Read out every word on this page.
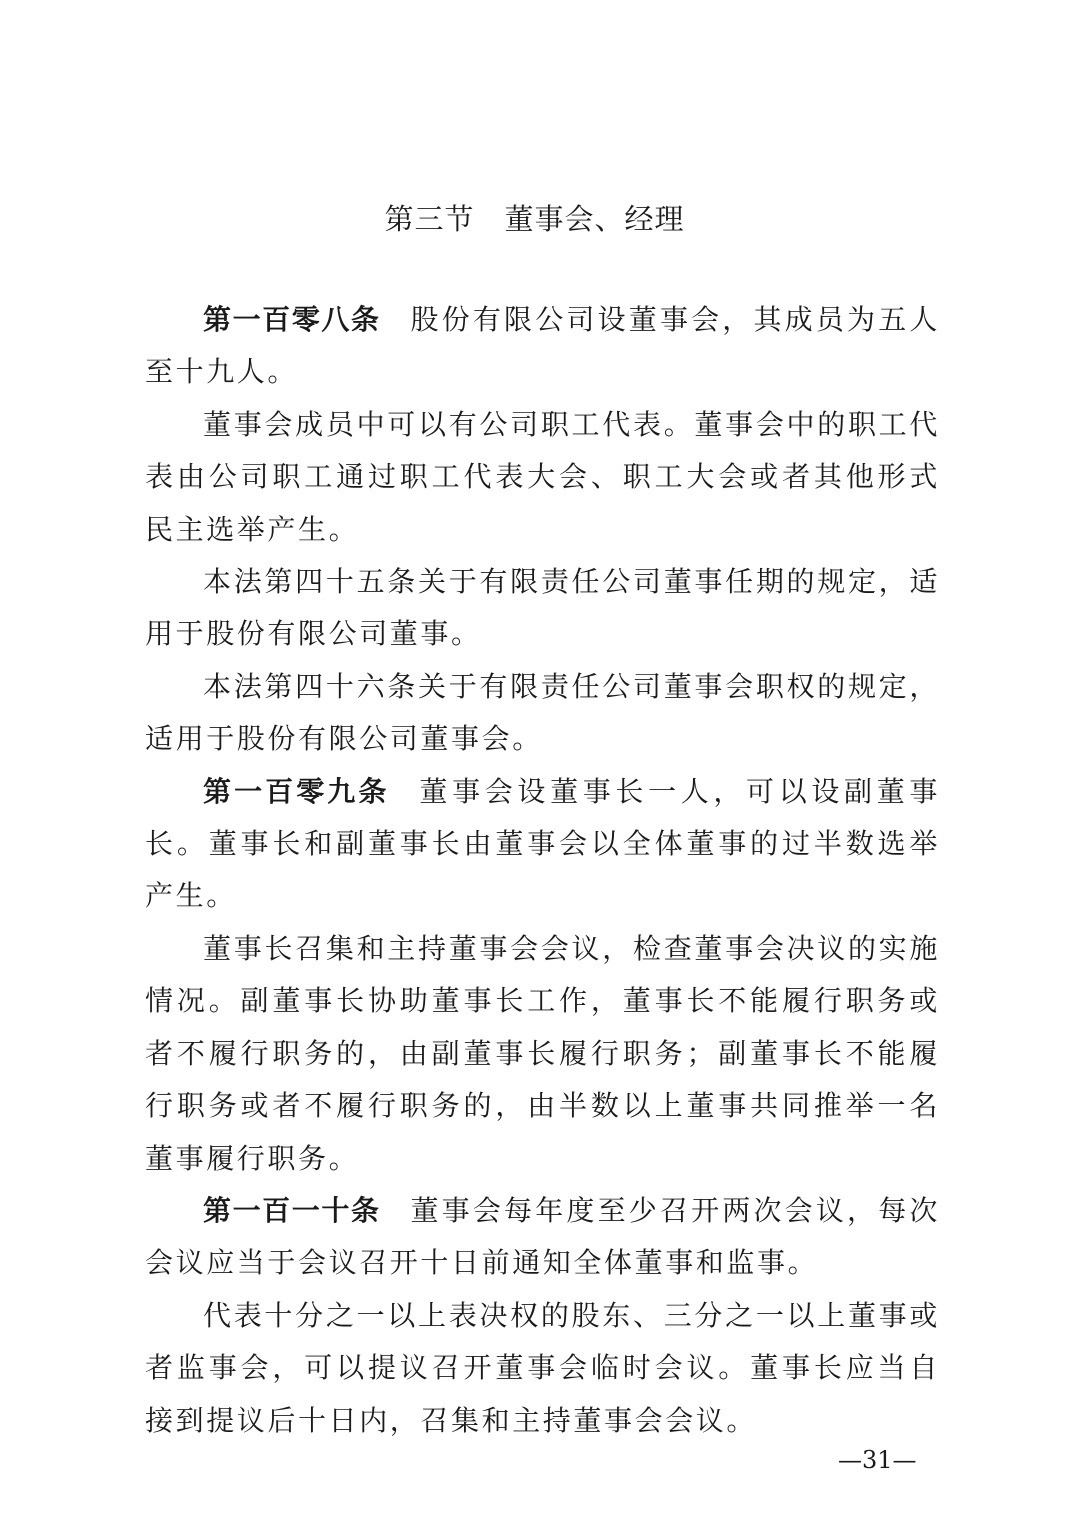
第三节　董事会、经理

第一百零八条 股份有限公司设董事会，其成员为五人至十九人。

董事会成员中可以有公司职工代表。董事会中的职工代表由公司职工通过职工代表大会、职工大会或者其他形式民主选举产生。

本法第四十五条关于有限责任公司董事任期的规定，适用于股份有限公司董事。

本法第四十六条关于有限责任公司董事会职权的规定，适用于股份有限公司董事会。

第一百零九条 董事会设董事长一人，可以设副董事长。董事长和副董事长由董事会以全体董事的过半数选举产生。

董事长召集和主持董事会会议，检查董事会决议的实施情况。副董事长协助董事长工作，董事长不能履行职务或者不履行职务的，由副董事长履行职务；副董事长不能履行职务或者不履行职务的，由半数以上董事共同推举一名董事履行职务。

第一百一十条 董事会每年度至少召开两次会议，每次会议应当于会议召开十日前通知全体董事和监事。

代表十分之一以上表决权的股东、三分之一以上董事或者监事会，可以提议召开董事会临时会议。董事长应当自接到提议后十日内，召集和主持董事会会议。

—31—
